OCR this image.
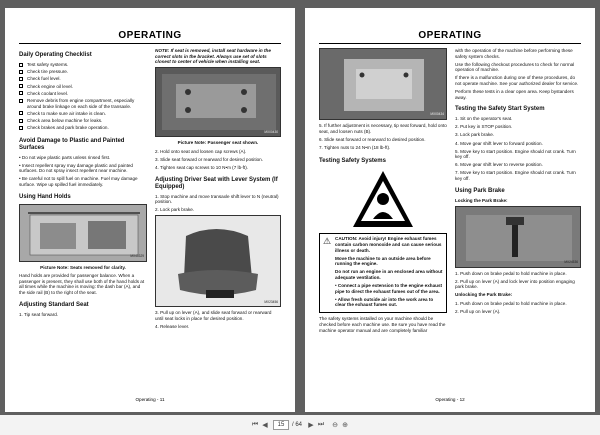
OPERATING
Daily Operating Checklist
Test safety systems.
Check tire pressure.
Check fuel level.
Check engine oil level.
Check coolant level.
Remove debris from engine compartment, especially around brake linkage on each side of the transaxle.
Check to make sure air intake is clean.
Check area below machine for leaks.
Check brakes and park brake operation.
Avoid Damage to Plastic and Painted Surfaces

• Do not wipe plastic parts unless rinsed first.

• Insect repellent spray may damage plastic and painted surfaces. Do not spray insect repellent near machine.

• Be careful not to spill fuel on machine. Fuel may damage surface. Wipe up spilled fuel immediately.

Using Hand Holds
MX40329
Picture Note: Seats removed for clarity.

Hand holds are provided for passenger balance. When a passenger is present, they shall use both of the hand holds at all times while the machine is moving: the dash bar (A), and the side rail (B) to the right of the seat.

Adjusting Standard Seat

1. Tip seat forward.

NOTE: If seat is removed, install seat hardware in the correct slots in the bracket. Always use set of slots closest to center of vehicle when installing seat.

MX00430
Picture Note: Passenger seat shown.

2. Hold onto seat and loosen cap screws (A).

3. Slide seat forward or rearward for desired position.

4. Tighten seat cap screws to 10 N•m (7 lb-ft).

Adjusting Driver Seat with Lever System (If Equipped)

1. Stop machine and move transaxle shift lever to N (neutral) position.

2. Lock park brake.

MX23456

3. Pull up on lever (A), and slide seat forward or rearward until seat locks in place for desired position.

4. Release lever.

Operating - 11
OPERATING
MX00434

5. If further adjustment is necessary, tip seat forward, hold onto seat, and loosen nuts (B).

6. Slide seat forward or rearward to desired position.

7. Tighten nuts to 24 N•m (18 lb-ft).

Testing Safety Systems
⚠ CAUTION: Avoid injury! Engine exhaust fumes contain carbon monoxide and can cause serious illness or death.

Move the machine to an outside area before running the engine.

Do not run an engine in an enclosed area without adequate ventilation.

• Connect a pipe extension to the engine exhaust pipe to direct the exhaust fumes out of the area.

• Allow fresh outside air into the work area to clear the exhaust fumes out.

The safety systems installed on your machine should be checked before each machine use. Be sure you have read the machine operator manual and are completely familiar

with the operation of the machine before performing these safety system checks.

Use the following checkout procedures to check for normal operation of machine.

If there is a malfunction during one of these procedures, do not operate machine. See your authorized dealer for service.

Perform these tests in a clear open area. Keep bystanders away.

Testing the Safety Start System

1. Sit on the operator's seat.

2. Put key in STOP position.

3. Lock park brake.

4. Move gear shift lever to forward position.

5. Move key to start position. Engine should not crank. Turn key off.

6. Move gear shift lever to reverse position.

7. Move key to start position. Engine should not crank. Turn key off.

Using Park Brake

Locking the Park Brake:

MX24536

1. Push down on brake pedal to hold machine in place.

2. Pull up on lever (A) and lock lever into position engaging park brake.

Unlocking the Park Brake:

1. Push down on brake pedal to hold machine in place.

2. Pull up on lever (A).

Operating - 12
⏮ ◀	15	/ 64 ▶ ⏭ ⊖ ⊕
